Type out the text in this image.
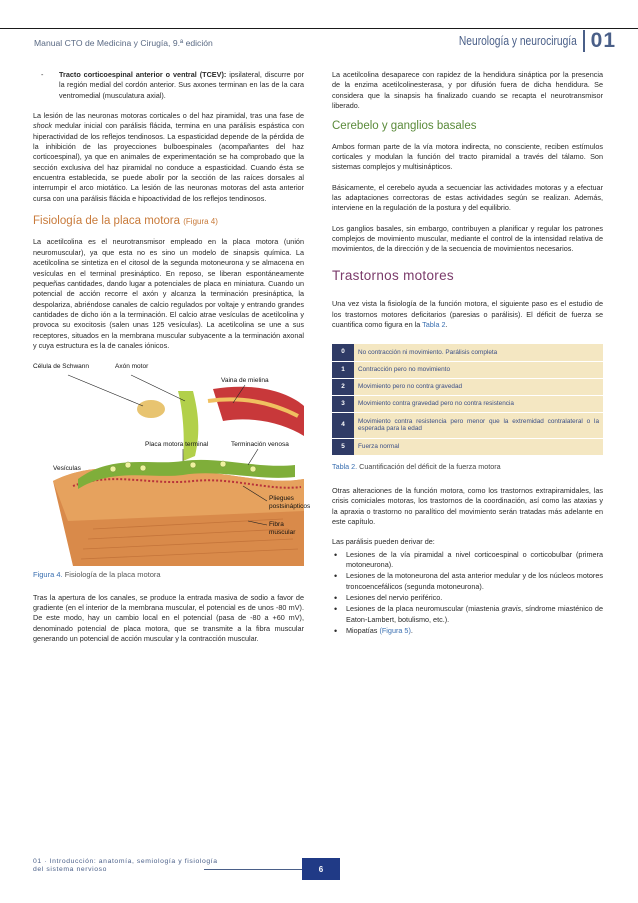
Manual CTO de Medicina y Cirugía, 9.ª edición	Neurología y neurocirugía 01
- Tracto corticoespinal anterior o ventral (TCEV): ipsilateral, discurre por la región medial del cordón anterior. Sus axones terminan en las de la cara ventromedial (musculatura axial).

La lesión de las neuronas motoras corticales o del haz piramidal, tras una fase de shock medular inicial con parálisis flácida, termina en una parálisis espástica con hiperactividad de los reflejos tendinosos. La espasticidad depende de la pérdida de la inhibición de las proyecciones bulboespinales (acompañantes del haz corticoespinal), ya que en animales de experimentación se ha comprobado que la sección exclusiva del haz piramidal no conduce a espasticidad. Cuando ésta se encuentra establecida, se puede abolir por la sección de las raíces dorsales al interrumpir el arco miotático. La lesión de las neuronas motoras del asta anterior cursa con una parálisis flácida e hipoactividad de los reflejos tendinosos.

Fisiología de la placa motora (Figura 4)

La acetilcolina es el neurotransmisor empleado en la placa motora (unión neuromuscular), ya que esta no es sino un modelo de sinapsis química. La acetilcolina se sintetiza en el citosol de la segunda motoneurona y se almacena en vesículas en el terminal presináptico. En reposo, se liberan espontáneamente pequeñas cantidades, dando lugar a potenciales de placa en miniatura. Cuando un potencial de acción recorre el axón y alcanza la terminación presináptica, la despolariza, abriéndose canales de calcio regulados por voltaje y entrando grandes cantidades de dicho ión a la terminación. El calcio atrae vesículas de acetilcolina y provoca su exocitosis (salen unas 125 vesículas). La acetilcolina se une a sus receptores, situados en la membrana muscular subyacente a la terminación axonal y cuya estructura es la de canales iónicos.

Célula de Schwann	Axón motor
Vaina de mielina
Placa motora terminal	Terminación venosa
Vesículas
Pliegues postsinápticos
Fibra muscular
Figura 4. Fisiología de la placa motora

Tras la apertura de los canales, se produce la entrada masiva de sodio a favor de gradiente (en el interior de la membrana muscular, el potencial es de unos -80 mV). De este modo, hay un cambio local en el potencial (pasa de -80 a +60 mV), denominado potencial de placa motora, que se transmite a la fibra muscular generando un potencial de acción muscular y la contracción muscular.

La acetilcolina desaparece con rapidez de la hendidura sináptica por la presencia de la enzima acetilcolinesterasa, y por difusión fuera de dicha hendidura. Se considera que la sinapsis ha finalizado cuando se recapta el neurotransmisor liberado.

Cerebelo y ganglios basales

Ambos forman parte de la vía motora indirecta, no consciente, reciben estímulos corticales y modulan la función del tracto piramidal a través del tálamo. Son sistemas complejos y multisinápticos.

Básicamente, el cerebelo ayuda a secuenciar las actividades motoras y a efectuar las adaptaciones correctoras de estas actividades según se realizan. Además, interviene en la regulación de la postura y del equilibrio.

Los ganglios basales, sin embargo, contribuyen a planificar y regular los patrones complejos de movimiento muscular, mediante el control de la intensidad relativa de movimientos, de la dirección y de la secuencia de movimientos necesarios.

Trastornos motores

Una vez vista la fisiología de la función motora, el siguiente paso es el estudio de los trastornos motores deficitarios (paresias o parálisis). El déficit de fuerza se cuantifica como figura en la Tabla 2.

0	No contracción ni movimiento. Parálisis completa
1	Contracción pero no movimiento
2	Movimiento pero no contra gravedad
3	Movimiento contra gravedad pero no contra resistencia
4	Movimiento contra resistencia pero menor que la extremidad contralateral o la esperada para la edad
5	Fuerza normal
Tabla 2. Cuantificación del déficit de la fuerza motora

Otras alteraciones de la función motora, como los trastornos extrapiramidales, las crisis comiciales motoras, los trastornos de la coordinación, así como las ataxias y la apraxia o trastorno no paralítico del movimiento serán tratadas más adelante en este capítulo.

Las parálisis pueden derivar de:

• Lesiones de la vía piramidal a nivel corticoespinal o corticobulbar (primera motoneurona).
• Lesiones de la motoneurona del asta anterior medular y de los núcleos motores troncoencefálicos (segunda motoneurona).
• Lesiones del nervio periférico.
• Lesiones de la placa neuromuscular (miastenia gravis, síndrome miasténico de Eaton-Lambert, botulismo, etc.).
• Miopatías (Figura 5).
01 · Introducción: anatomía, semiología y fisiología
del sistema nervioso	6
